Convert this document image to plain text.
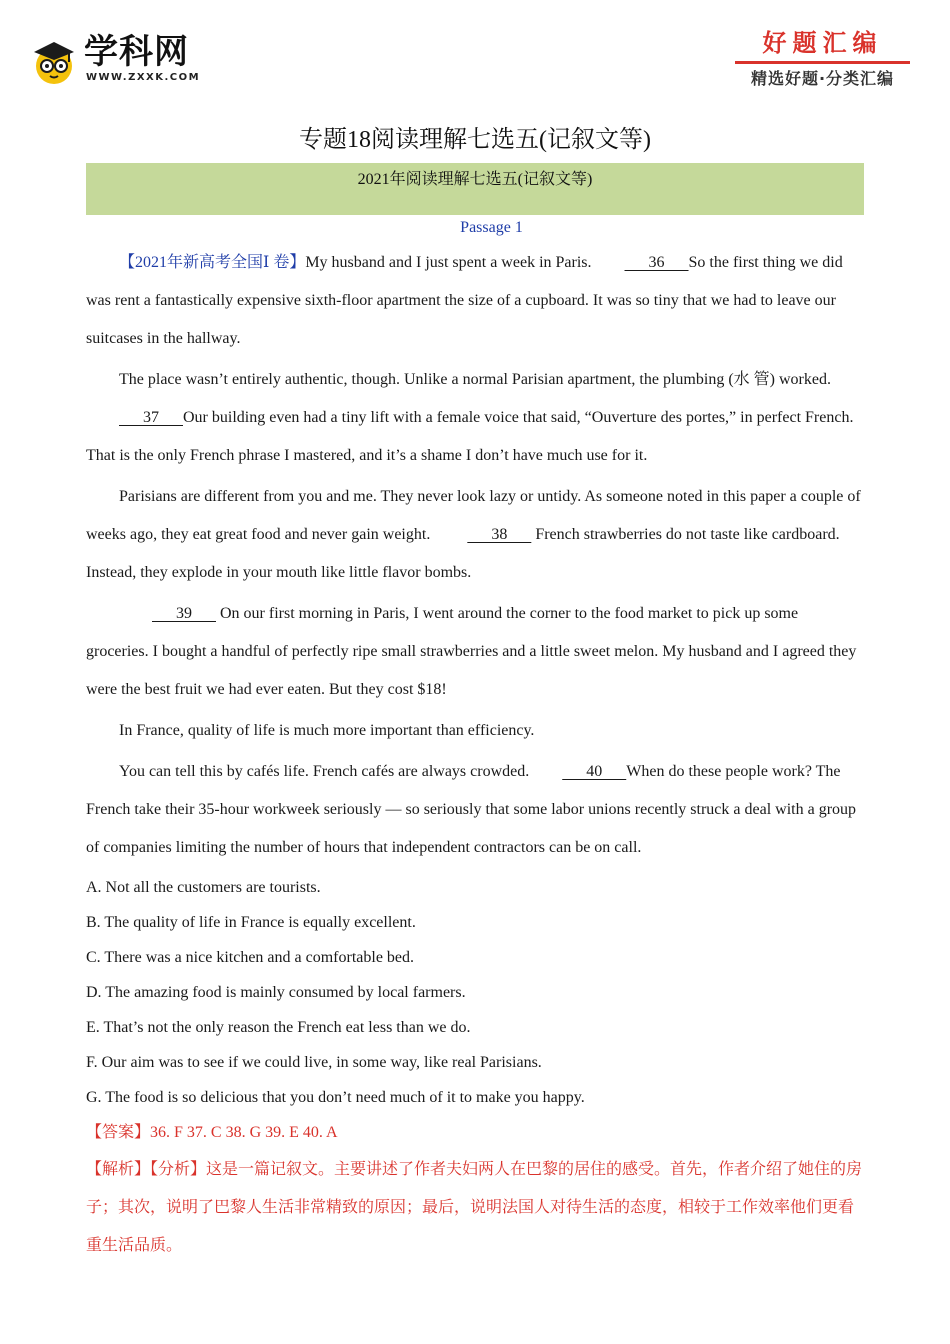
学科网
WWW.ZXXK.COM
好题汇编
精选好题·分类汇编
专题18阅读理解七选五(记叙文等)
2021年阅读理解七选五(记叙文等)
Passage 1

【2021年新高考全国Ⅰ 卷】My husband and I just spent a week in Paris.      36      So the first thing we did was rent a fantastically expensive sixth-floor apartment the size of a cupboard. It was so tiny that we had to leave our suitcases in the hallway.

The place wasn’t entirely authentic, though. Unlike a normal Parisian apartment, the plumbing (水 管) worked.       37      Our building even had a tiny lift with a female voice that said, “Ouverture des portes,” in perfect French. That is the only French phrase I mastered, and it’s a shame I don’t have much use for it.

Parisians are different from you and me. They never look lazy or untidy. As someone noted in this paper a couple of weeks ago, they eat great food and never gain weight.       38       French strawberries do not taste like cardboard. Instead, they explode in your mouth like little flavor bombs.

39       On our first morning in Paris, I went around the corner to the food market to pick up some groceries. I bought a handful of perfectly ripe small strawberries and a little sweet melon. My husband and I agreed they were the best fruit we had ever eaten. But they cost $18!

In France, quality of life is much more important than efficiency.

You can tell this by cafés life. French cafés are always crowded.      40      When do these people work? The French take their 35-hour workweek seriously — so seriously that some labor unions recently struck a deal with a group of companies limiting the number of hours that independent contractors can be on call.

A. Not all the customers are tourists.

B. The quality of life in France is equally excellent.

C. There was a nice kitchen and a comfortable bed.

D. The amazing food is mainly consumed by local farmers.

E. That’s not the only reason the French eat less than we do.

F. Our aim was to see if we could live, in some way, like real Parisians.

G. The food is so delicious that you don’t need much of it to make you happy.

【答案】36. F 37. C 38. G 39. E 40. A

【解析】【分析】这是一篇记叙文。主要讲述了作者夫妇两人在巴黎的居住的感受。首先，作者介绍了她住的房子；其次，说明了巴黎人生活非常精致的原因；最后，说明法国人对待生活的态度，相较于工作效率他们更看重生活品质。
